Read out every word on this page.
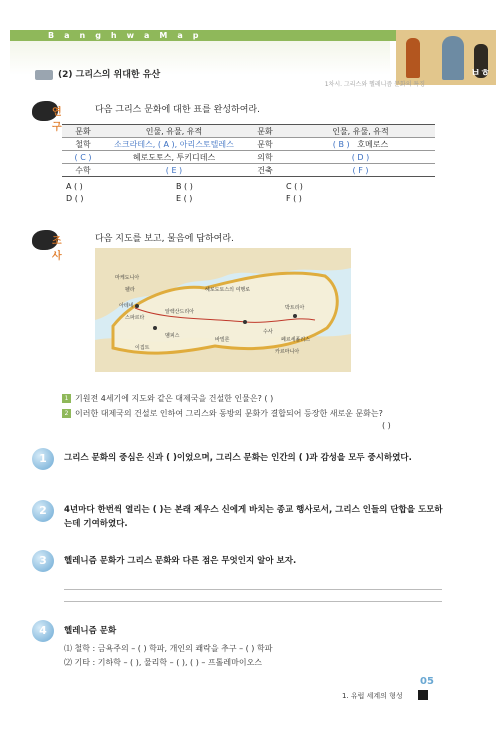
BanghwaMap
ㅂㅎ
(2) 그리스의 위대한 유산
1차시. 그리스와 헬레니즘 문화의 특징
연 구
다음 그리스 문화에 대한 표를 완성하여라.
문화	인물, 유물, 유적	문화	인물, 유물, 유적
철학	소크라테스, ( A ), 아리스토텔레스	문학	( B ) 호메로스
( C )	헤로도토스, 투키디데스	의학	( D )
수학	( E )	건축	( F )
A ( )	B ( )	C ( )
D ( )	E ( )	F ( )
조 사
다음 지도를 보고, 물음에 답하여라.
마케도니아
펠라
아테네
스파르타
알렉산드리아
헤로도토스의 여행로
멤피스
바빌론
수사
페르세폴리스
박트리아
카르마니아
이집트
1 기원전 4세기에 지도와 같은 대제국을 건설한 인물은? ( )
2 이러한 대제국의 건설로 인하여 그리스와 동방의 문화가 결합되어 등장한 새로운 문화는?
( )
1	그리스 문화의 중심은 신과 ( )이었으며, 그리스 문화는 인간의 ( )과 감성을 모두 중시하였다.
2	4년마다 한번씩 열리는 ( )는 본래 제우스 신에게 바치는 종교 행사로서, 그리스 인들의 단합을 도모하는데 기여하였다.
3	헬레니즘 문화가 그리스 문화와 다른 점은 무엇인지 알아 보자.
4	헬레니즘 문화
⑴ 철학 : 금욕주의 – ( ) 학파, 개인의 쾌락을 추구 – ( ) 학파
⑵ 기타 : 기하학 – ( ), 물리학 – ( ), ( ) – 프톨레마이오스
05
1. 유럽 세계의 형성
